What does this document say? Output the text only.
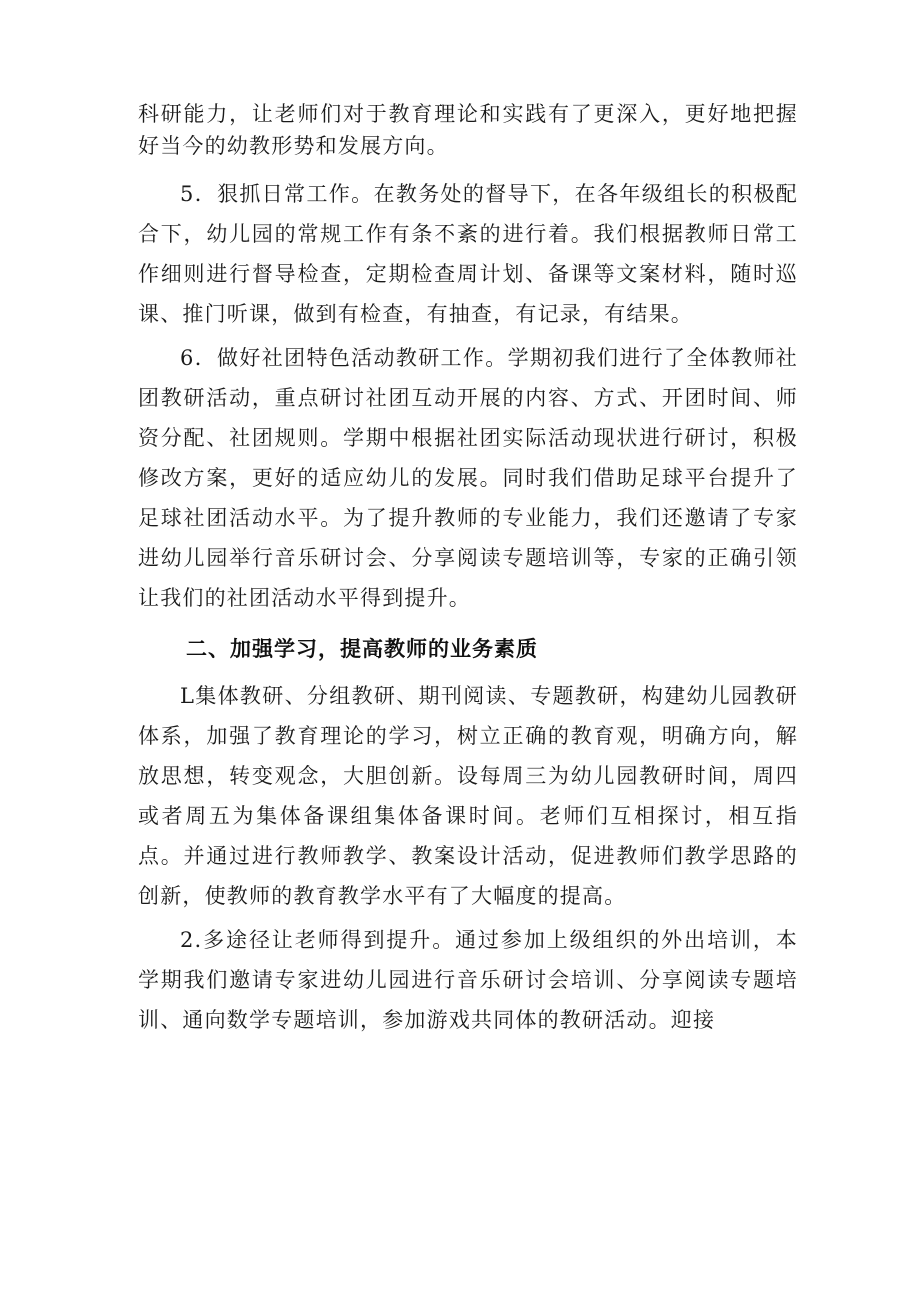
科研能力，让老师们对于教育理论和实践有了更深入，更好地把握好当今的幼教形势和发展方向。

5．狠抓日常工作。在教务处的督导下，在各年级组长的积极配合下，幼儿园的常规工作有条不紊的进行着。我们根据教师日常工作细则进行督导检查，定期检查周计划、备课等文案材料，随时巡课、推门听课，做到有检查，有抽查，有记录，有结果。

6．做好社团特色活动教研工作。学期初我们进行了全体教师社团教研活动，重点研讨社团互动开展的内容、方式、开团时间、师资分配、社团规则。学期中根据社团实际活动现状进行研讨，积极修改方案，更好的适应幼儿的发展。同时我们借助足球平台提升了足球社团活动水平。为了提升教师的专业能力，我们还邀请了专家进幼儿园举行音乐研讨会、分享阅读专题培训等，专家的正确引领让我们的社团活动水平得到提升。

二、加强学习，提高教师的业务素质

L集体教研、分组教研、期刊阅读、专题教研，构建幼儿园教研体系，加强了教育理论的学习，树立正确的教育观，明确方向，解放思想，转变观念，大胆创新。设每周三为幼儿园教研时间，周四或者周五为集体备课组集体备课时间。老师们互相探讨，相互指点。并通过进行教师教学、教案设计活动，促进教师们教学思路的创新，使教师的教育教学水平有了大幅度的提高。

2.多途径让老师得到提升。通过参加上级组织的外出培训，本学期我们邀请专家进幼儿园进行音乐研讨会培训、分享阅读专题培训、通向数学专题培训，参加游戏共同体的教研活动。迎接
